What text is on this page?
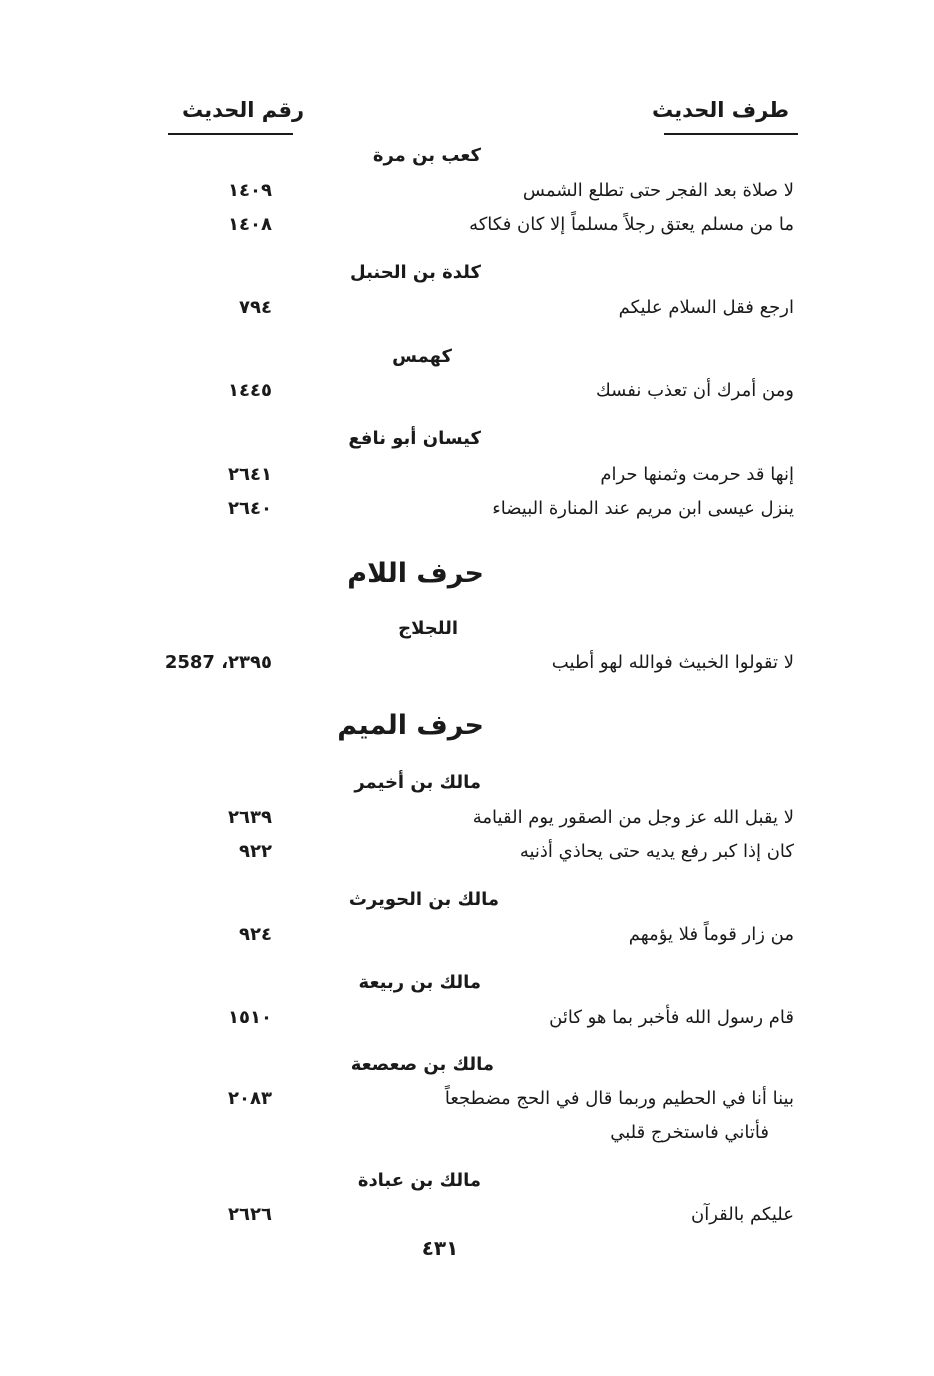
طرف الحديث
رقم الحديث
كعب بن مرة
لا صلاة بعد الفجر حتى تطلع الشمس
١٤٠٩
ما من مسلم يعتق رجلاً مسلماً إلا كان فكاكه
١٤٠٨
كلدة بن الحنبل
ارجع فقل السلام عليكم
٧٩٤
كهمس
ومن أمرك أن تعذب نفسك
١٤٤٥
كيسان أبو نافع
إنها قد حرمت وثمنها حرام
٢٦٤١
ينزل عيسى ابن مريم عند المنارة البيضاء
٢٦٤٠
حرف اللام
اللجلاج
لا تقولوا الخبيث فوالله لهو أطيب
٢٣٩٥، 2587
حرف الميم
مالك بن أخيمر
لا يقبل الله عز وجل من الصقور يوم القيامة
٢٦٣٩
كان إذا كبر رفع يديه حتى يحاذي أذنيه
٩٢٢
مالك بن الحويرث
من زار قوماً فلا يؤمهم
٩٢٤
مالك بن ربيعة
قام رسول الله فأخبر بما هو كائن
١٥١٠
مالك بن صعصعة
بينا أنا في الحطيم وربما قال في الحج مضطجعاً
٢٠٨٣
فأتاني فاستخرج قلبي
مالك بن عبادة
عليكم بالقرآن
٢٦٢٦
٤٣١
